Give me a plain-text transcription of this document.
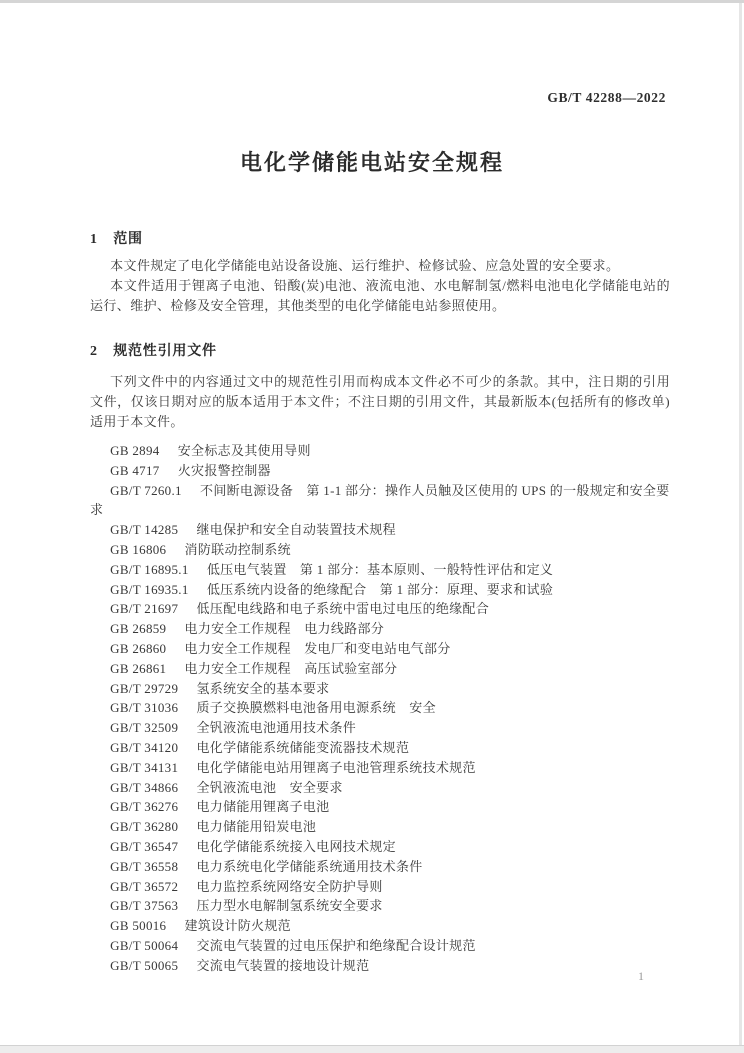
GB/T 42288—2022
电化学储能电站安全规程
1 范围

本文件规定了电化学储能电站设备设施、运行维护、检修试验、应急处置的安全要求。

本文件适用于锂离子电池、铅酸(炭)电池、液流电池、水电解制氢/燃料电池电化学储能电站的运行、维护、检修及安全管理，其他类型的电化学储能电站参照使用。

2 规范性引用文件

下列文件中的内容通过文中的规范性引用而构成本文件必不可少的条款。其中，注日期的引用文件，仅该日期对应的版本适用于本文件；不注日期的引用文件，其最新版本(包括所有的修改单)适用于本文件。

GB 2894 安全标志及其使用导则

GB 4717 火灾报警控制器

GB/T 7260.1 不间断电源设备　第 1-1 部分：操作人员触及区使用的 UPS 的一般规定和安全要求

GB/T 14285 继电保护和安全自动装置技术规程

GB 16806 消防联动控制系统

GB/T 16895.1 低压电气装置　第 1 部分：基本原则、一般特性评估和定义

GB/T 16935.1 低压系统内设备的绝缘配合　第 1 部分：原理、要求和试验

GB/T 21697 低压配电线路和电子系统中雷电过电压的绝缘配合

GB 26859 电力安全工作规程　电力线路部分

GB 26860 电力安全工作规程　发电厂和变电站电气部分

GB 26861 电力安全工作规程　高压试验室部分

GB/T 29729 氢系统安全的基本要求

GB/T 31036 质子交换膜燃料电池备用电源系统　安全

GB/T 32509 全钒液流电池通用技术条件

GB/T 34120 电化学储能系统储能变流器技术规范

GB/T 34131 电化学储能电站用锂离子电池管理系统技术规范

GB/T 34866 全钒液流电池　安全要求

GB/T 36276 电力储能用锂离子电池

GB/T 36280 电力储能用铅炭电池

GB/T 36547 电化学储能系统接入电网技术规定

GB/T 36558 电力系统电化学储能系统通用技术条件

GB/T 36572 电力监控系统网络安全防护导则

GB/T 37563 压力型水电解制氢系统安全要求

GB 50016 建筑设计防火规范

GB/T 50064 交流电气装置的过电压保护和绝缘配合设计规范

GB/T 50065 交流电气装置的接地设计规范

1
